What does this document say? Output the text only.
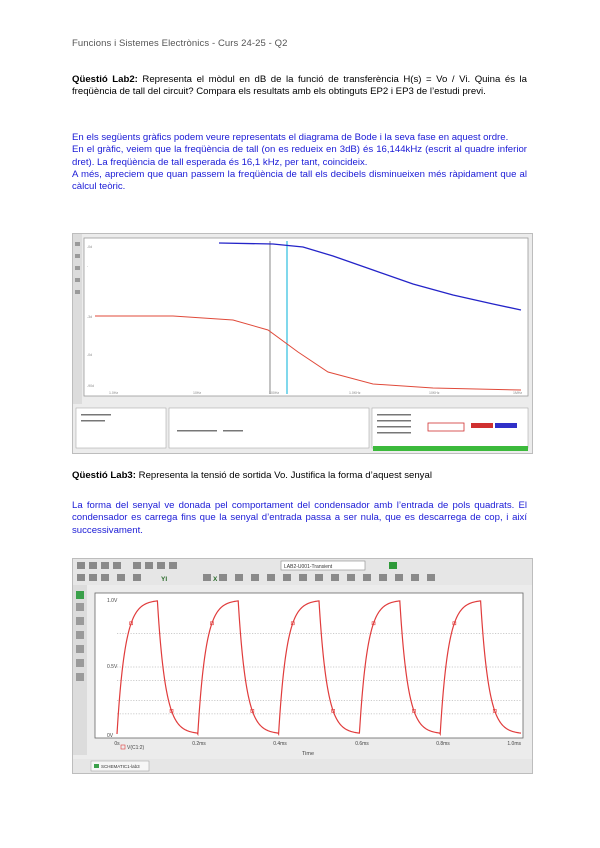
Funcions i Sistemes Electrònics - Curs 24-25 - Q2
Qüestió Lab2: Representa el mòdul en dB de la funció de transferència H(s) = Vo / Vi. Quina és la freqüència de tall del circuit? Compara els resultats amb els obtinguts EP2 i EP3 de l’estudi previ.
En els següents gràfics podem veure representats el diagrama de Bode i la seva fase en aquest ordre.
En el gràfic, veiem que la freqüència de tall (on es redueix en 3dB) és 16,144kHz (escrit al quadre inferior dret). La freqüència de tall esperada és 16,1 kHz, per tant, coincideix.
A més, apreciem que quan passem la freqüència de tall els decibels disminueixen més ràpidament que al càlcul teòric.
-0d
-
-3d
-0d
-90d
1.0Hz	10Hz	100Hz	1.0KHz	10KHz	1MHz
Qüestió Lab3: Representa la tensió de sortida Vo. Justifica la forma d’aquest senyal
La forma del senyal ve donada pel comportament del condensador amb l’entrada de pols quadrats. El condensador es carrega fins que la senyal d’entrada passa a ser nula, que es descarrega de cop, i així successivament.
LAB2-U001-Transient
YI	X
1.0V
0.5V
0V
0s	0.2ms	0.4ms	0.6ms	0.8ms	1.0ms
Time
V(C1:2)
SCHEMATIC1-lab3
